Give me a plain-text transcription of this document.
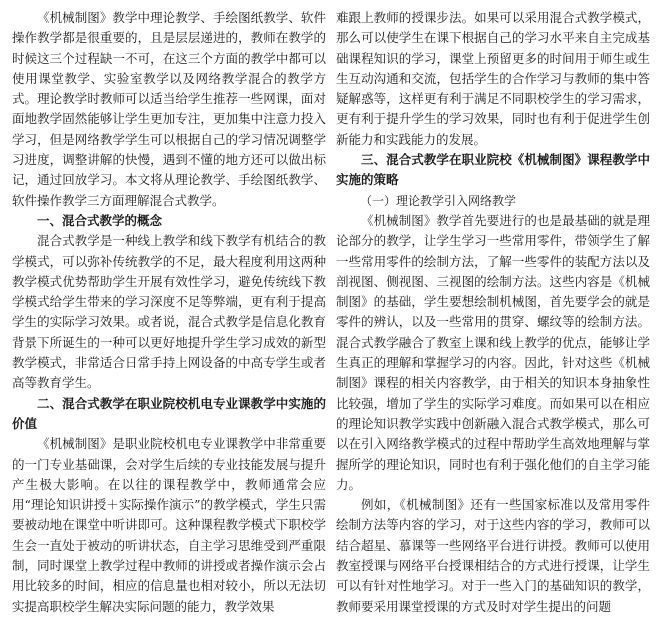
《机械制图》教学中理论教学、手绘图纸教学、软件操作教学都是很重要的，且是层层递进的，教师在教学的时候这三个过程缺一不可，在这三个方面的教学中都可以使用课堂教学、实验室教学以及网络教学混合的教学方式。理论教学时教师可以适当给学生推荐一些网课，面对面地教学固然能够让学生更加专注，更加集中注意力投入学习，但是网络教学学生可以根据自己的学习情况调整学习进度，调整讲解的快慢，遇到不懂的地方还可以做出标记，通过回放学习。本文将从理论教学、手绘图纸教学、软件操作教学三方面理解混合式教学。

一、混合式教学的概念

混合式教学是一种线上教学和线下教学有机结合的教学模式，可以弥补传统教学的不足，最大程度利用这两种教学模式优势帮助学生开展有效性学习，避免传统线下教学模式给学生带来的学习深度不足等弊端，更有利于提高学生的实际学习效果。或者说，混合式教学是信息化教育背景下所诞生的一种可以更好地提升学生学习成效的新型教学模式，非常适合日常手持上网设备的中高专学生或者高等教育学生。

二、混合式教学在职业院校机电专业课教学中实施的价值

《机械制图》是职业院校机电专业课教学中非常重要的一门专业基础课，会对学生后续的专业技能发展与提升产生极大影响。在以往的课程教学中，教师通常会应用“理论知识讲授＋实际操作演示”的教学模式，学生只需要被动地在课堂中听讲即可。这种课程教学模式下职校学生会一直处于被动的听讲状态，自主学习思维受到严重限制，同时课堂上教学过程中教师的讲授或者操作演示会占用比较多的时间，相应的信息量也相对较小，所以无法切实提高职校学生解决实际问题的能力，教学效果

难跟上教师的授课步法。如果可以采用混合式教学模式，那么可以使学生在课下根据自己的学习水平来自主完成基础课程知识的学习，课堂上预留更多的时间用于师生或生生互动沟通和交流，包括学生的合作学习与教师的集中答疑解惑等，这样更有利于满足不同职校学生的学习需求，更有利于提升学生的学习效果，同时也有利于促进学生创新能力和实践能力的发展。

三、混合式教学在职业院校《机械制图》课程教学中实施的策略
（一）理论教学引入网络教学

《机械制图》教学首先要进行的也是最基础的就是理论部分的教学，让学生学习一些常用零件，带领学生了解一些常用零件的绘制方法，了解一些零件的装配方法以及剖视图、侧视图、三视图的绘制方法。这些内容是《机械制图》的基础，学生要想绘制机械图，首先要学会的就是零件的辨认，以及一些常用的贯穿、螺纹等的绘制方法。混合式教学融合了教室上课和线上教学的优点，能够让学生真正的理解和掌握学习的内容。因此，针对这些《机械制图》课程的相关内容教学，由于相关的知识本身抽象性比较强，增加了学生的实际学习难度。而如果可以在相应的理论知识教学实践中创新融入混合式教学模式，那么可以在引入网络教学模式的过程中帮助学生高效地理解与掌握所学的理论知识，同时也有利于强化他们的自主学习能力。

例如，《机械制图》还有一些国家标准以及常用零件绘制方法等内容的学习，对于这些内容的学习，教师可以结合超星、慕课等一些网络平台进行讲授。教师可以使用教室授课与网络平台授课相结合的方式进行授课，让学生可以有针对性地学习。对于一些入门的基础知识的教学，教师要采用课堂授课的方式及时对学生提出的问题
